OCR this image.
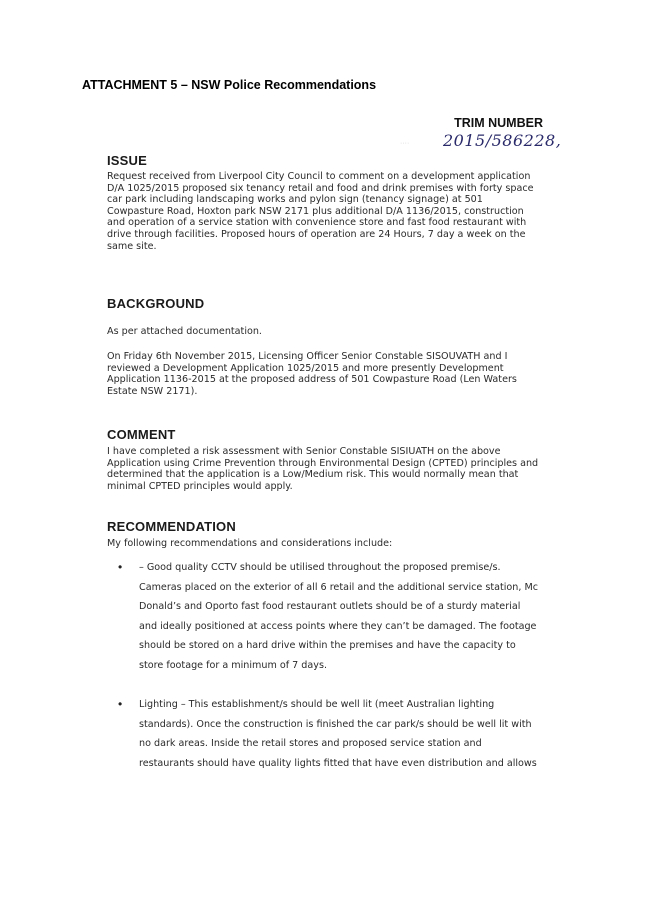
ATTACHMENT 5 – NSW Police Recommendations
TRIM NUMBER
2015/586228,
····
ISSUE
Request received from Liverpool City Council to comment on a development application D/A 1025/2015 proposed six tenancy retail and food and drink premises with forty space car park including landscaping works and pylon sign (tenancy signage) at 501 Cowpasture Road, Hoxton park NSW 2171 plus additional D/A 1136/2015, construction and operation of a service station with convenience store and fast food restaurant with drive through facilities. Proposed hours of operation are 24 Hours, 7 day a week on the same site.
BACKGROUND
As per attached documentation.
On Friday 6th November 2015, Licensing Officer Senior Constable SISOUVATH and I reviewed a Development Application 1025/2015 and more presently Development Application 1136-2015 at the proposed address of 501 Cowpasture Road (Len Waters Estate NSW 2171).
COMMENT
I have completed a risk assessment with Senior Constable SISIUATH on the above Application using Crime Prevention through Environmental Design (CPTED) principles and determined that the application is a Low/Medium risk. This would normally mean that minimal CPTED principles would apply.
RECOMMENDATION
My following recommendations and considerations include:
• – Good quality CCTV should be utilised throughout the proposed premise/s. Cameras placed on the exterior of all 6 retail and the additional service station, Mc Donald’s and Oporto fast food restaurant outlets should be of a sturdy material and ideally positioned at access points where they can’t be damaged. The footage should be stored on a hard drive within the premises and have the capacity to store footage for a minimum of 7 days.
• Lighting – This establishment/s should be well lit (meet Australian lighting standards). Once the construction is finished the car park/s should be well lit with no dark areas. Inside the retail stores and proposed service station and restaurants should have quality lights fitted that have even distribution and allows
